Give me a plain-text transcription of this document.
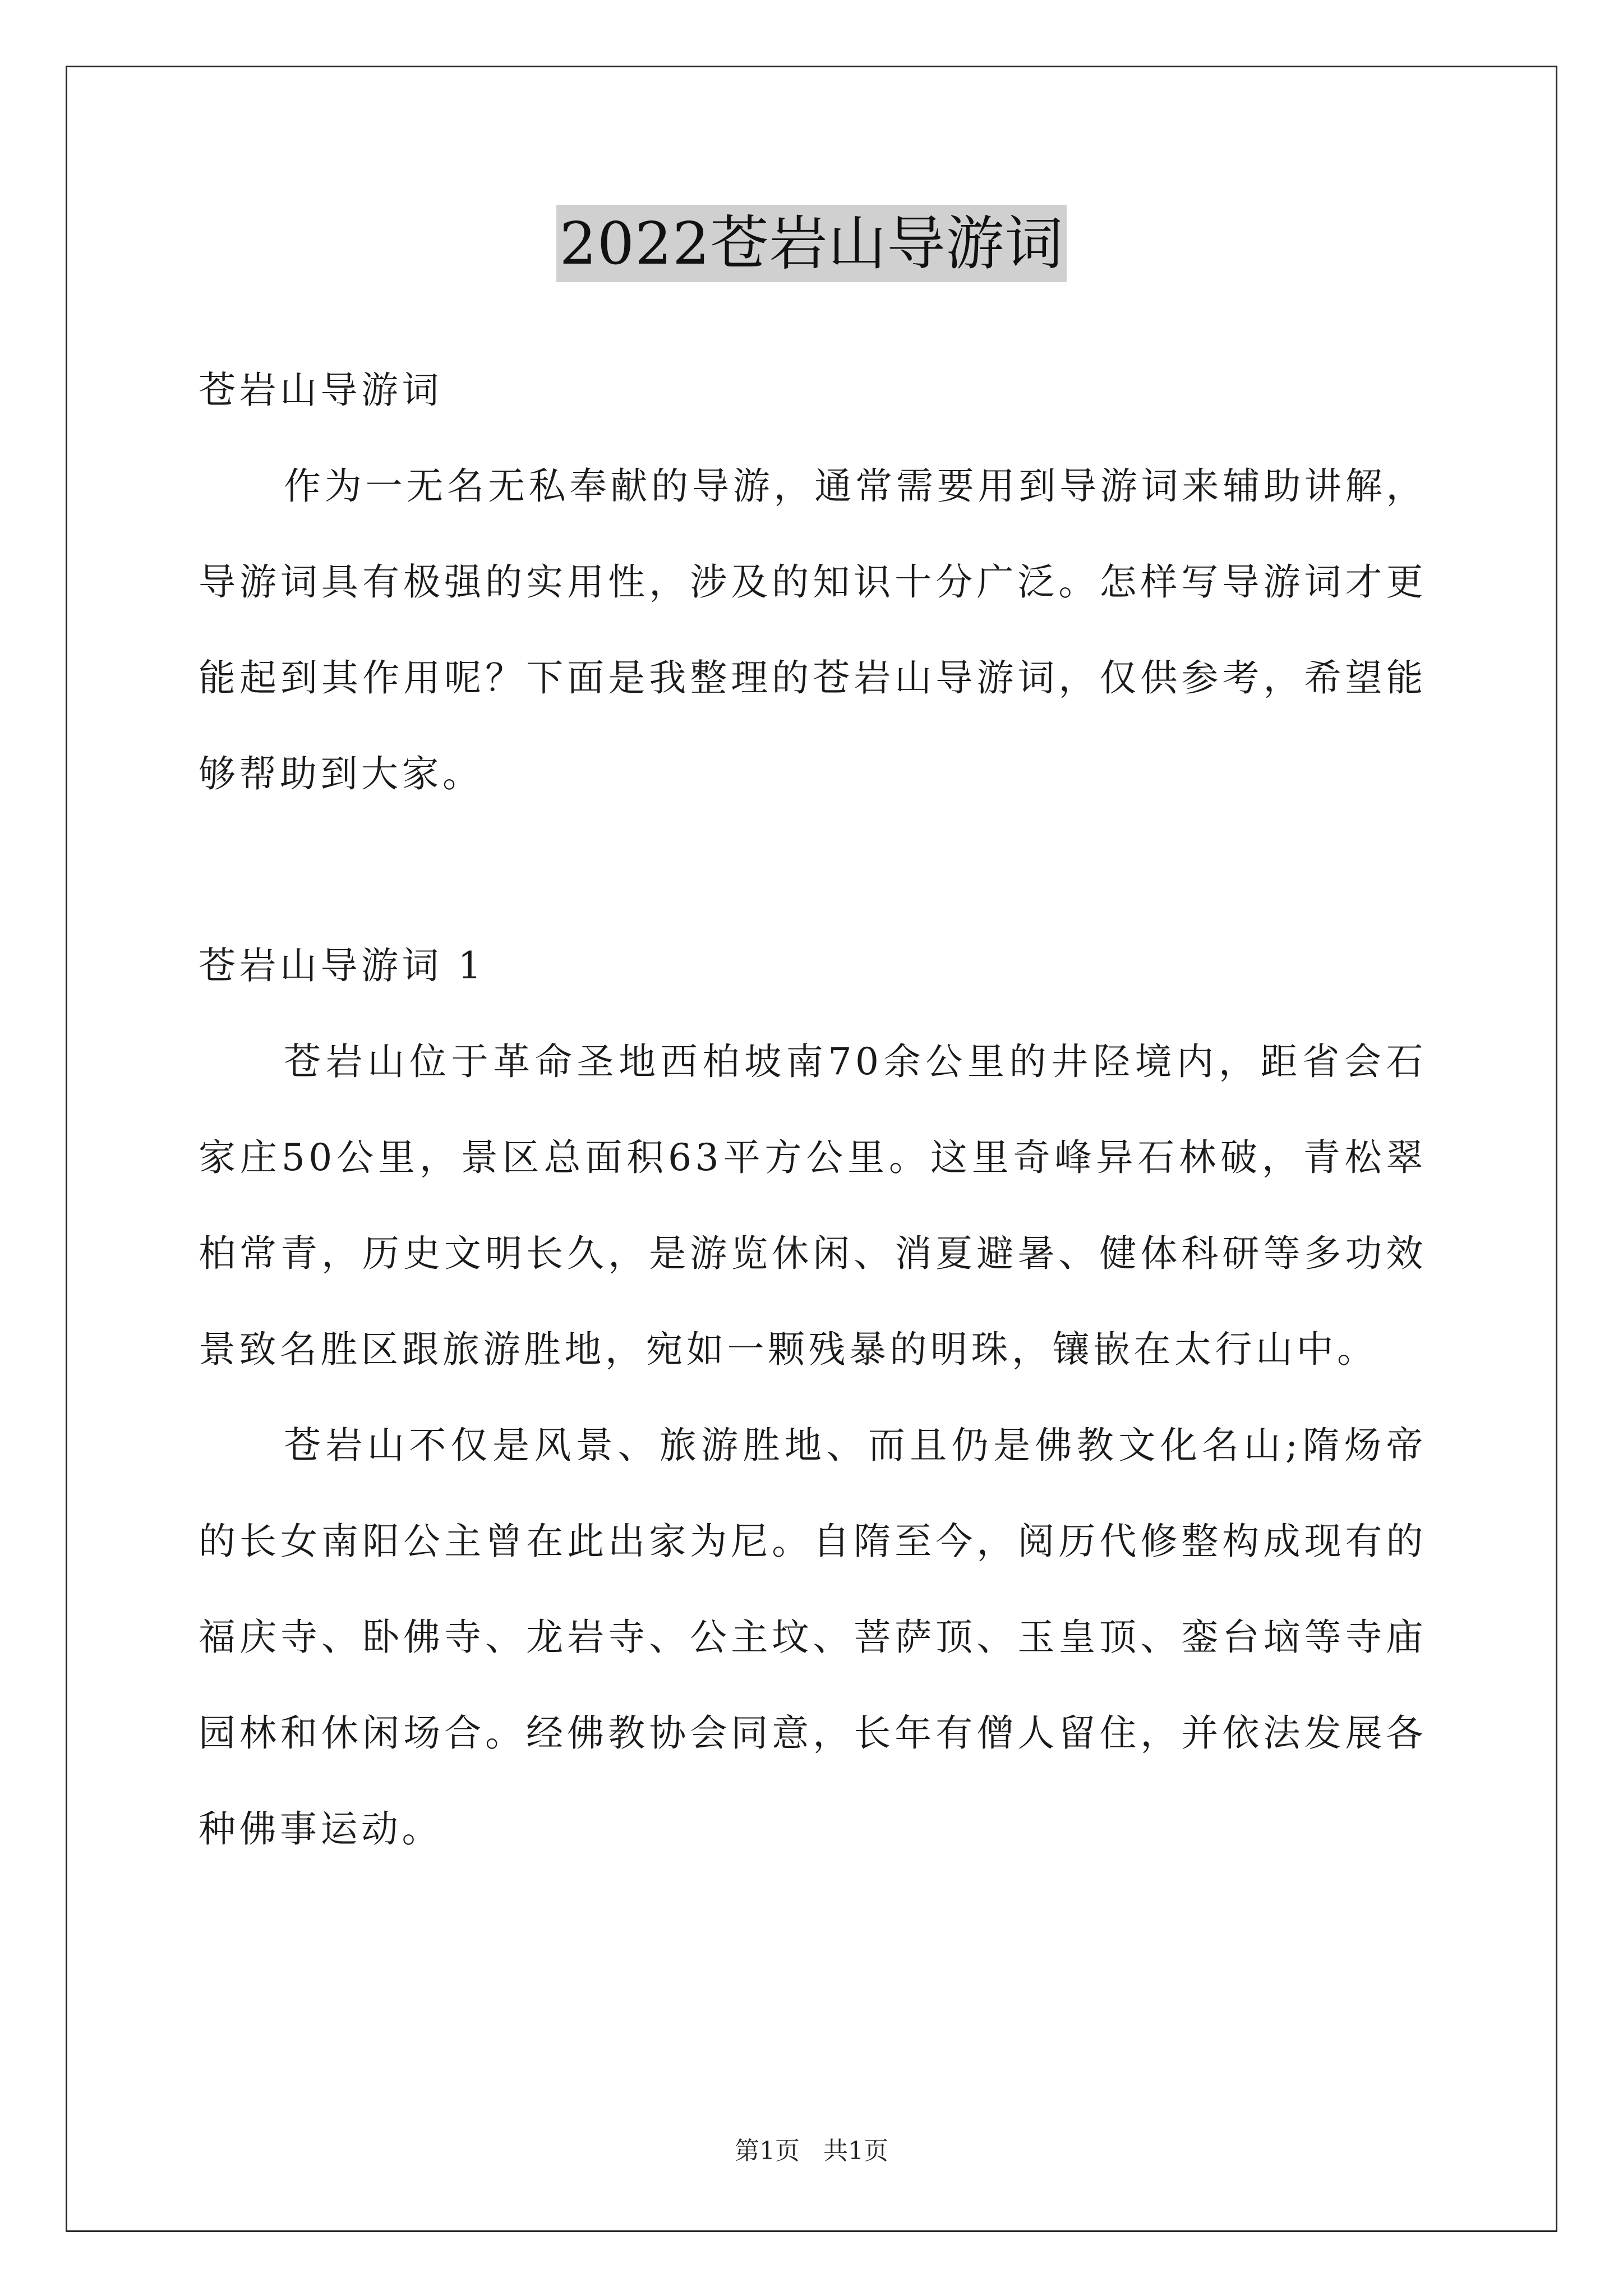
2022苍岩山导游词

苍岩山导游词

作为一无名无私奉献的导游，通常需要用到导游词来辅助讲解，导游词具有极强的实用性，涉及的知识十分广泛。怎样写导游词才更能起到其作用呢？下面是我整理的苍岩山导游词，仅供参考，希望能够帮助到大家。

苍岩山导游词 1

苍岩山位于革命圣地西柏坡南70余公里的井陉境内，距省会石家庄50公里，景区总面积63平方公里。这里奇峰异石林破，青松翠柏常青，历史文明长久，是游览休闲、消夏避暑、健体科研等多功效景致名胜区跟旅游胜地，宛如一颗残暴的明珠，镶嵌在太行山中。

苍岩山不仅是风景、旅游胜地、而且仍是佛教文化名山;隋炀帝的长女南阳公主曾在此出家为尼。自隋至今，阅历代修整构成现有的福庆寺、卧佛寺、龙岩寺、公主坟、菩萨顶、玉皇顶、銮台垴等寺庙园林和休闲场合。经佛教协会同意，长年有僧人留住，并依法发展各种佛事运动。

第1页 共1页
